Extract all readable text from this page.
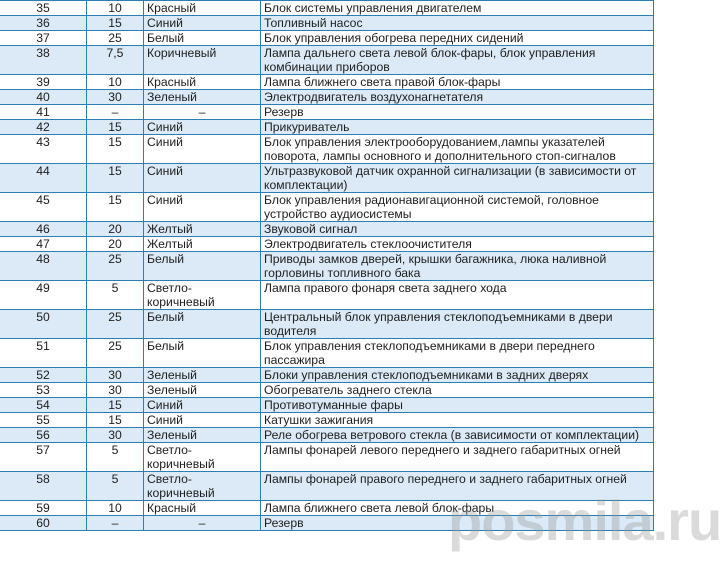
35	10	Красный	Блок системы управления двигателем
36	15	Синий	Топливный насос
37	25	Белый	Блок управления обогрева передних сидений
38	7,5	Коричневый	Лампа дальнего света левой блок-фары, блок управления комбинации приборов
39	10	Красный	Лампа ближнего света правой блок-фары
40	30	Зеленый	Электродвигатель воздухонагнетателя
41	–	–	Резерв
42	15	Синий	Прикуриватель
43	15	Синий	Блок управления электрооборудованием,лампы указателей поворота, лампы основного и дополнительного стоп-сигналов
44	15	Синий	Ультразвуковой датчик охранной сигнализации (в зависимости от комплектации)
45	15	Синий	Блок управления радионавигационной системой, головное устройство аудиосистемы
46	20	Желтый	Звуковой сигнал
47	20	Желтый	Электродвигатель стеклоочистителя
48	25	Белый	Приводы замков дверей, крышки багажника, люка наливной горловины топливного бака
49	5	Светло-коричневый	Лампа правого фонаря света заднего хода
50	25	Белый	Центральный блок управления стеклоподъемниками в двери водителя
51	25	Белый	Блок управления стеклоподъемниками в двери переднего пассажира
52	30	Зеленый	Блоки управления стеклоподъемниками в задних дверях
53	30	Зеленый	Обогреватель заднего стекла
54	15	Синий	Противотуманные фары
55	15	Синий	Катушки зажигания
56	30	Зеленый	Реле обогрева ветрового стекла (в зависимости от комплектации)
57	5	Светло-коричневый	Лампы фонарей левого переднего и заднего габаритных огней
58	5	Светло-коричневый	Лампы фонарей правого переднего и заднего габаритных огней
59	10	Красный	Лампа ближнего света левой блок-фары
60	–	–	Резерв	posmila.ru
